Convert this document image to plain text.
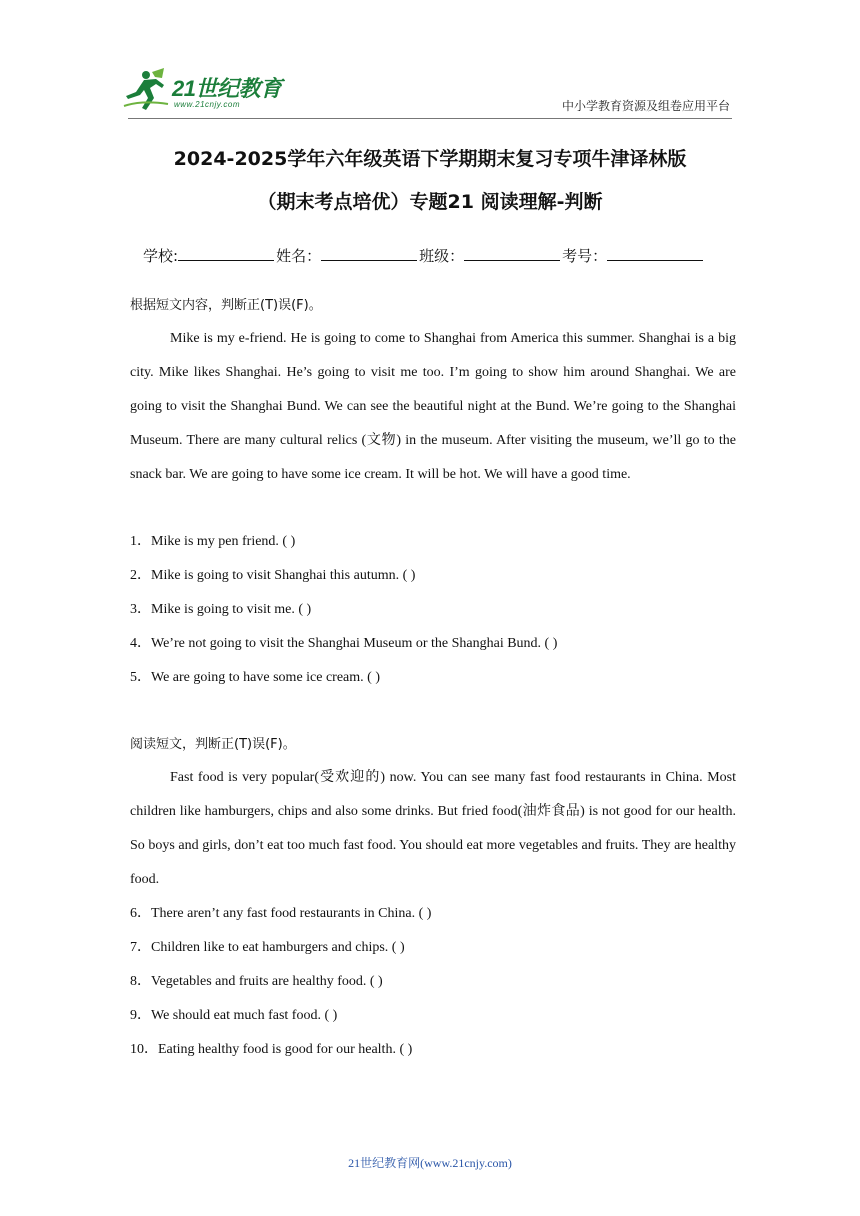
21世纪教育
www.21cnjy.com	中小学教育资源及组卷应用平台
2024-2025学年六年级英语下学期期末复习专项牛津译林版
（期末考点培优）专题21 阅读理解-判断
学校:	姓名：	班级：	考号：
根据短文内容，判断正(T)误(F)。
Mike is my e-friend. He is going to come to Shanghai from America this summer. Shanghai is a big city. Mike likes Shanghai. He’s going to visit me too. I’m going to show him around Shanghai. We are going to visit the Shanghai Bund. We can see the beautiful night at the Bund. We’re going to the Shanghai Museum. There are many cultural relics (文物) in the museum. After visiting the museum, we’ll go to the snack bar. We are going to have some ice cream. It will be hot. We will have a good time.
1．Mike is my pen friend. ( )
2．Mike is going to visit Shanghai this autumn. ( )
3．Mike is going to visit me. ( )
4．We’re not going to visit the Shanghai Museum or the Shanghai Bund. ( )
5．We are going to have some ice cream. ( )
阅读短文，判断正(T)误(F)。
Fast food is very popular(受欢迎的) now. You can see many fast food restaurants in China. Most children like hamburgers, chips and also some drinks. But fried food(油炸食品) is not good for our health. So boys and girls, don’t eat too much fast food. You should eat more vegetables and fruits. They are healthy food.
6．There aren’t any fast food restaurants in China. ( )
7．Children like to eat hamburgers and chips. ( )
8．Vegetables and fruits are healthy food. ( )
9．We should eat much fast food. ( )
10．Eating healthy food is good for our health. ( )
21世纪教育网(www.21cnjy.com)
